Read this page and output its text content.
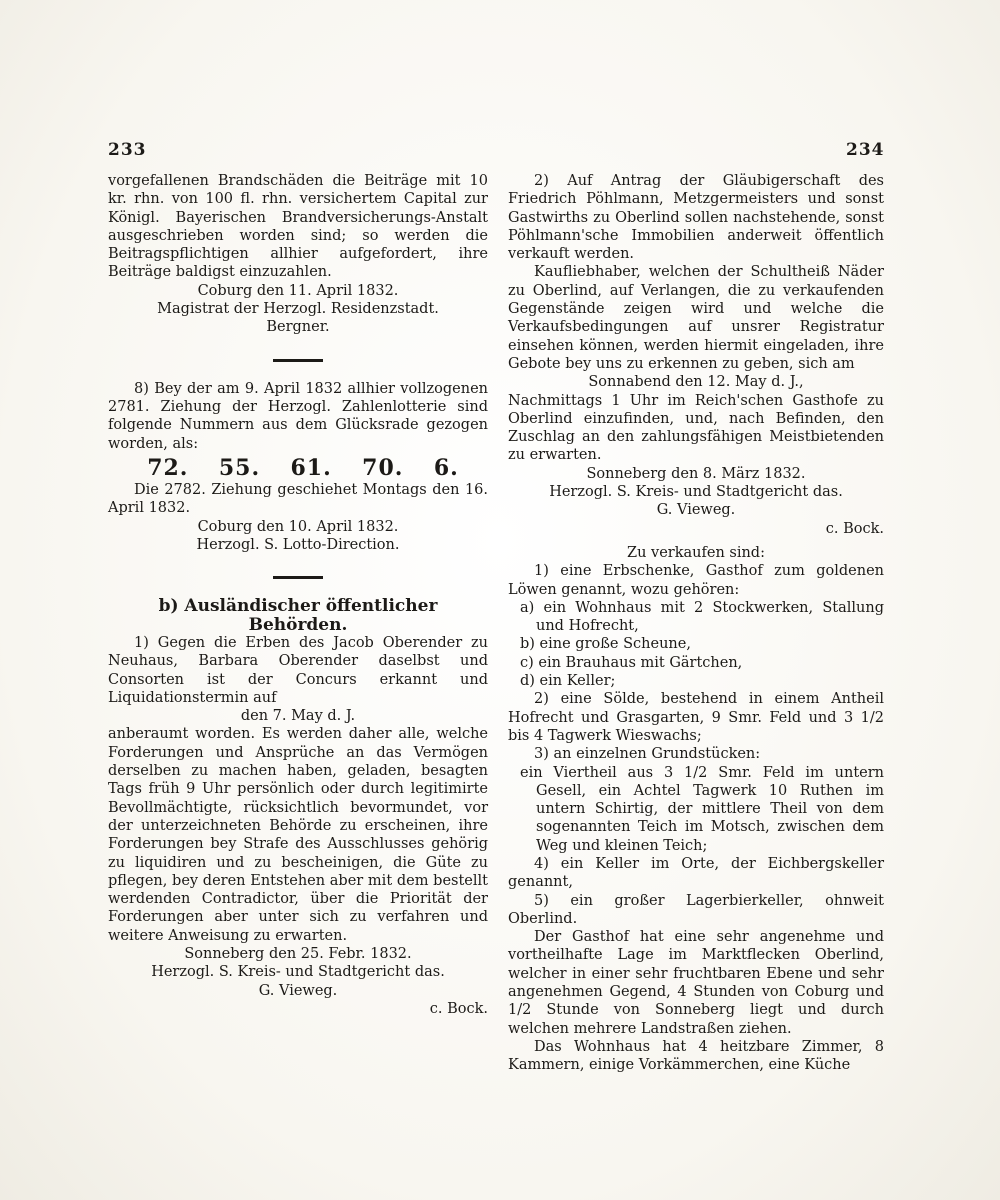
233	234

vorgefallenen Brandschäden die Beiträge mit 10 kr. rhn. von 100 fl. rhn. versichertem Capital zur Königl. Bayerischen Brandversicherungs-Anstalt ausgeschrieben worden sind; so werden die Beitragspflichtigen allhier aufgefordert, ihre Beiträge baldigst einzuzahlen.

Coburg den 11. April 1832.

Magistrat der Herzogl. Residenzstadt.

Bergner.

8) Bey der am 9. April 1832 allhier vollzogenen 2781. Ziehung der Herzogl. Zahlenlotterie sind folgende Nummern aus dem Glücksrade gezogen worden, als:

72. 55. 61. 70. 6.

Die 2782. Ziehung geschiehet Montags den 16. April 1832.

Coburg den 10. April 1832.

Herzogl. S. Lotto-Direction.

b) Ausländischer öffentlicher Behörden.

1) Gegen die Erben des Jacob Oberender zu Neuhaus, Barbara Oberender daselbst und Consorten ist der Concurs erkannt und Liquidationstermin auf

den 7. May d. J.

anberaumt worden. Es werden daher alle, welche Forderungen und Ansprüche an das Vermögen derselben zu machen haben, geladen, besagten Tags früh 9 Uhr persönlich oder durch legitimirte Bevollmächtigte, rücksichtlich bevormundet, vor der unterzeichneten Behörde zu erscheinen, ihre Forderungen bey Strafe des Ausschlusses gehörig zu liquidiren und zu bescheinigen, die Güte zu pflegen, bey deren Entstehen aber mit dem bestellt werdenden Contradictor, über die Priorität der Forderungen aber unter sich zu verfahren und weitere Anweisung zu erwarten.

Sonneberg den 25. Febr. 1832.

Herzogl. S. Kreis- und Stadtgericht das.

G. Vieweg.

c. Bock.

2) Auf Antrag der Gläubigerschaft des Friedrich Pöhlmann, Metzgermeisters und sonst Gastwirths zu Oberlind sollen nachstehende, sonst Pöhlmann'sche Immobilien anderweit öffentlich verkauft werden.

Kaufliebhaber, welchen der Schultheiß Näder zu Oberlind, auf Verlangen, die zu verkaufenden Gegenstände zeigen wird und welche die Verkaufsbedingungen auf unsrer Registratur einsehen können, werden hiermit eingeladen, ihre Gebote bey uns zu erkennen zu geben, sich am

Sonnabend den 12. May d. J.,

Nachmittags 1 Uhr im Reich'schen Gasthofe zu Oberlind einzufinden, und, nach Befinden, den Zuschlag an den zahlungsfähigen Meistbietenden zu erwarten.

Sonneberg den 8. März 1832.

Herzogl. S. Kreis- und Stadtgericht das.

G. Vieweg.

c. Bock.

Zu verkaufen sind:

1) eine Erbschenke, Gasthof zum goldenen Löwen genannt, wozu gehören:

a) ein Wohnhaus mit 2 Stockwerken, Stallung und Hofrecht,

b) eine große Scheune,

c) ein Brauhaus mit Gärtchen,

d) ein Keller;

2) eine Sölde, bestehend in einem Antheil Hofrecht und Grasgarten, 9 Smr. Feld und 3 1/2 bis 4 Tagwerk Wieswachs;

3) an einzelnen Grundstücken:

ein Viertheil aus 3 1/2 Smr. Feld im untern Gesell, ein Achtel Tagwerk 10 Ruthen im untern Schirtig, der mittlere Theil von dem sogenannten Teich im Motsch, zwischen dem Weg und kleinen Teich;

4) ein Keller im Orte, der Eichbergskeller genannt,

5) ein großer Lagerbierkeller, ohnweit Oberlind.

Der Gasthof hat eine sehr angenehme und vortheilhafte Lage im Marktflecken Oberlind, welcher in einer sehr fruchtbaren Ebene und sehr angenehmen Gegend, 4 Stunden von Coburg und 1/2 Stunde von Sonneberg liegt und durch welchen mehrere Landstraßen ziehen.

Das Wohnhaus hat 4 heitzbare Zimmer, 8 Kammern, einige Vorkämmerchen, eine Küche
